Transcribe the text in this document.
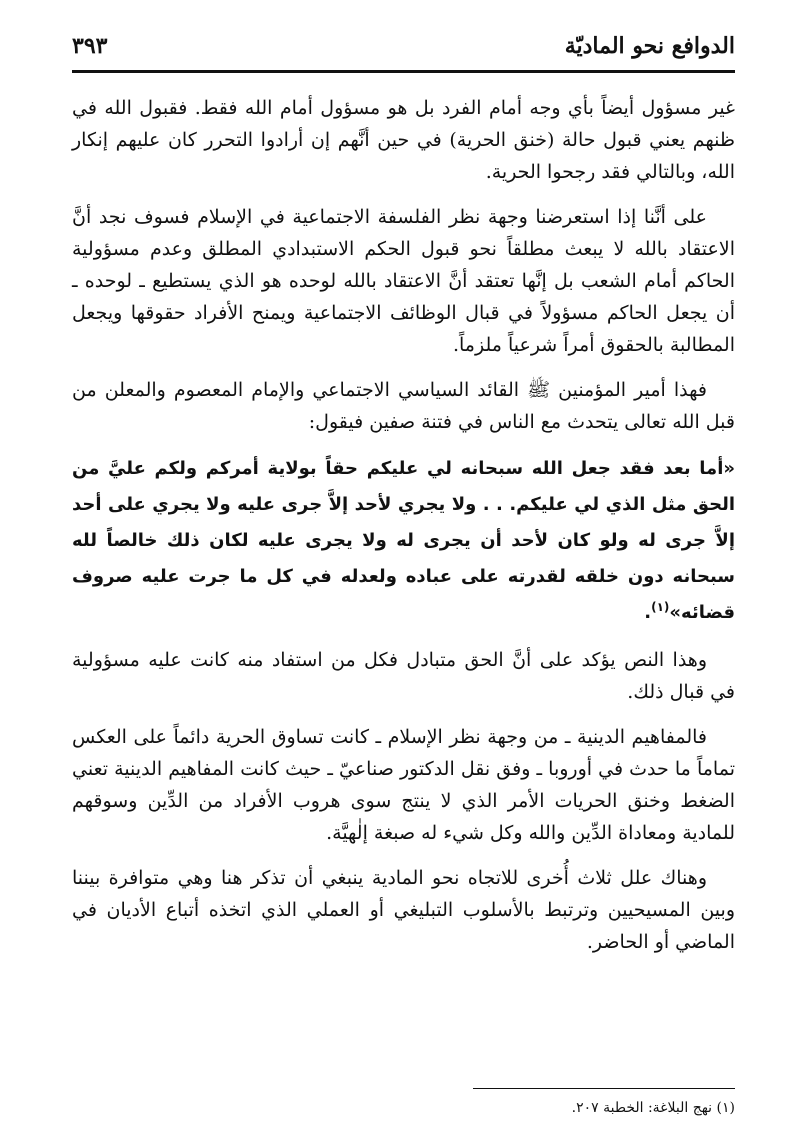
الدوافع نحو الماديّة
٣٩٣

غير مسؤول أيضاً بأي وجه أمام الفرد بل هو مسؤول أمام الله فقط. فقبول الله في ظنهم يعني قبول حالة (خنق الحرية) في حين أنَّهم إن أرادوا التحرر كان عليهم إنكار الله، وبالتالي فقد رجحوا الحرية.

على أنَّنا إذا استعرضنا وجهة نظر الفلسفة الاجتماعية في الإسلام فسوف نجد أنَّ الاعتقاد بالله لا يبعث مطلقاً نحو قبول الحكم الاستبدادي المطلق وعدم مسؤولية الحاكم أمام الشعب بل إنَّها تعتقد أنَّ الاعتقاد بالله لوحده هو الذي يستطيع ـ لوحده ـ أن يجعل الحاكم مسؤولاً في قبال الوظائف الاجتماعية ويمنح الأفراد حقوقها ويجعل المطالبة بالحقوق أمراً شرعياً ملزماً.

فهذا أمير المؤمنين ﷺ القائد السياسي الاجتماعي والإمام المعصوم والمعلن من قبل الله تعالى يتحدث مع الناس في فتنة صفين فيقول:

«أما بعد فقد جعل الله سبحانه لي عليكم حقاً بولاية أمركم ولكم عليَّ من الحق مثل الذي لي عليكم. . . ولا يجري لأحد إلاَّ جرى عليه ولا يجري على أحد إلاَّ جرى له ولو كان لأحد أن يجرى له ولا يجرى عليه لكان ذلك خالصاً لله سبحانه دون خلقه لقدرته على عباده ولعدله في كل ما جرت عليه صروف قضائه»$^{(١)}$.

وهذا النص يؤكد على أنَّ الحق متبادل فكل من استفاد منه كانت عليه مسؤولية في قبال ذلك.

فالمفاهيم الدينية ـ من وجهة نظر الإسلام ـ كانت تساوق الحرية دائماً على العكس تماماً ما حدث في أوروبا ـ وفق نقل الدكتور صناعيّ ـ حيث كانت المفاهيم الدينية تعني الضغط وخنق الحريات الأمر الذي لا ينتج سوى هروب الأفراد من الدِّين وسوقهم للمادية ومعاداة الدِّين والله وكل شيء له صبغة إلٰهيَّة.

وهناك علل ثلاث أُخرى للاتجاه نحو المادية ينبغي أن تذكر هنا وهي متوافرة بيننا وبين المسيحيين وترتبط بالأسلوب التبليغي أو العملي الذي اتخذه أتباع الأديان في الماضي أو الحاضر.

(١) نهج البلاغة: الخطبة ٢٠٧.
